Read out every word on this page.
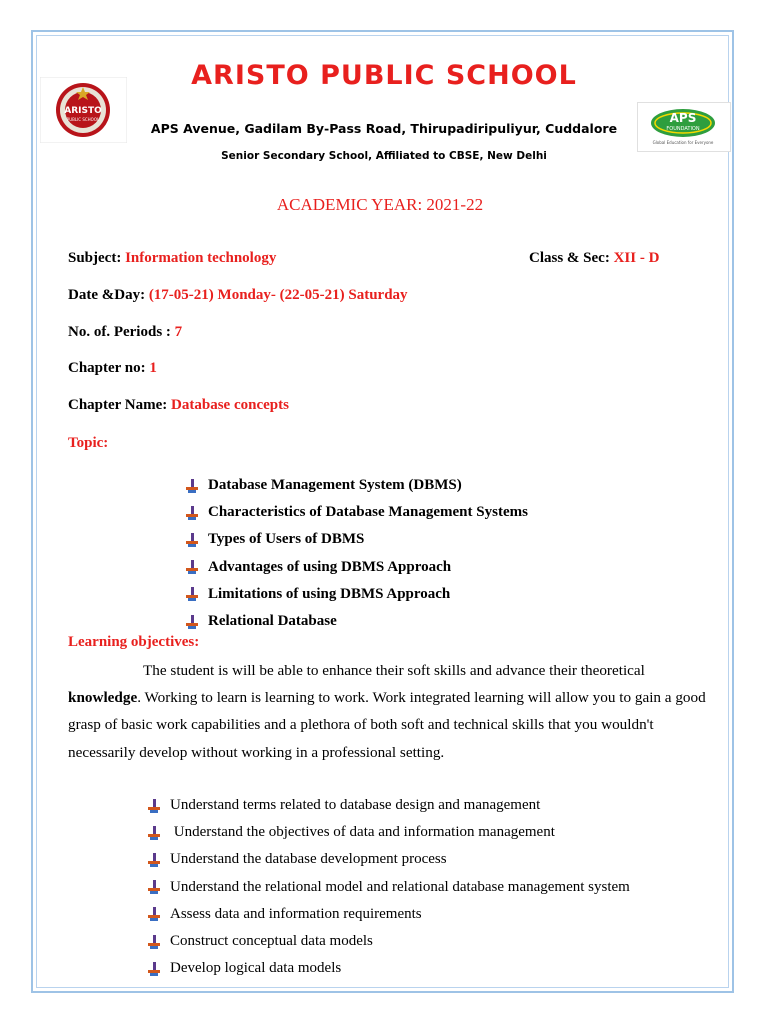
ARISTO
PUBLIC SCHOOL	APS
FOUNDATION
Global Education for Everyone
ARISTO PUBLIC SCHOOL
APS Avenue, Gadilam By-Pass Road, Thirupadiripuliyur, Cuddalore
Senior Secondary School, Affiliated to CBSE, New Delhi
ACADEMIC YEAR: 2021-22
Subject: Information technology	Class & Sec: XII - D
Date &Day: (17-05-21) Monday- (22-05-21) Saturday
No. of. Periods : 7
Chapter no: 1
Chapter Name: Database concepts
Topic:
Database Management System (DBMS)
Characteristics of Database Management Systems
Types of Users of DBMS
Advantages of using DBMS Approach
Limitations of using DBMS Approach
Relational Database
Learning objectives:

The student is will be able to enhance their soft skills and advance their theoretical knowledge. Working to learn is learning to work. Work integrated learning will allow you to gain a good grasp of basic work capabilities and a plethora of both soft and technical skills that you wouldn't necessarily develop without working in a professional setting.

Understand terms related to database design and management
Understand the objectives of data and information management
Understand the database development process
Understand the relational model and relational database management system
Assess data and information requirements
Construct conceptual data models
Develop logical data models
